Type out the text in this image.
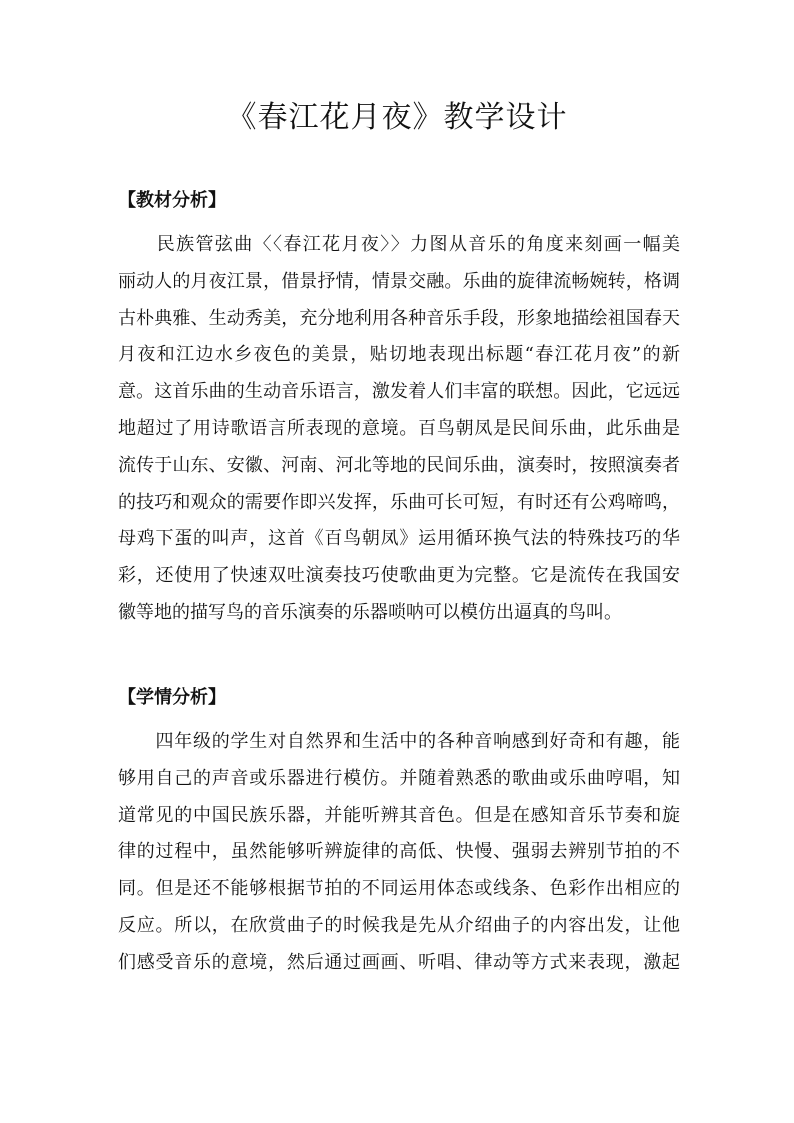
《春江花月夜》教学设计
【教材分析】
　　民族管弦曲〈〈春江花月夜〉〉力图从音乐的角度来刻画一幅美
丽动人的月夜江景，借景抒情，情景交融。乐曲的旋律流畅婉转，格调
古朴典雅、生动秀美，充分地利用各种音乐手段，形象地描绘祖国春天
月夜和江边水乡夜色的美景，贴切地表现出标题“春江花月夜”的新
意。这首乐曲的生动音乐语言，激发着人们丰富的联想。因此，它远远
地超过了用诗歌语言所表现的意境。百鸟朝凤是民间乐曲，此乐曲是
流传于山东、安徽、河南、河北等地的民间乐曲，演奏时，按照演奏者
的技巧和观众的需要作即兴发挥，乐曲可长可短，有时还有公鸡啼鸣，
母鸡下蛋的叫声，这首《百鸟朝凤》运用循环换气法的特殊技巧的华
彩，还使用了快速双吐演奏技巧使歌曲更为完整。它是流传在我国安
徽等地的描写鸟的音乐演奏的乐器唢呐可以模仿出逼真的鸟叫。
【学情分析】
　　四年级的学生对自然界和生活中的各种音响感到好奇和有趣，能
够用自己的声音或乐器进行模仿。并随着熟悉的歌曲或乐曲哼唱，知
道常见的中国民族乐器，并能听辨其音色。但是在感知音乐节奏和旋
律的过程中，虽然能够听辨旋律的高低、快慢、强弱去辨别节拍的不
同。但是还不能够根据节拍的不同运用体态或线条、色彩作出相应的
反应。所以，在欣赏曲子的时候我是先从介绍曲子的内容出发，让他
们感受音乐的意境，然后通过画画、听唱、律动等方式来表现，激起
